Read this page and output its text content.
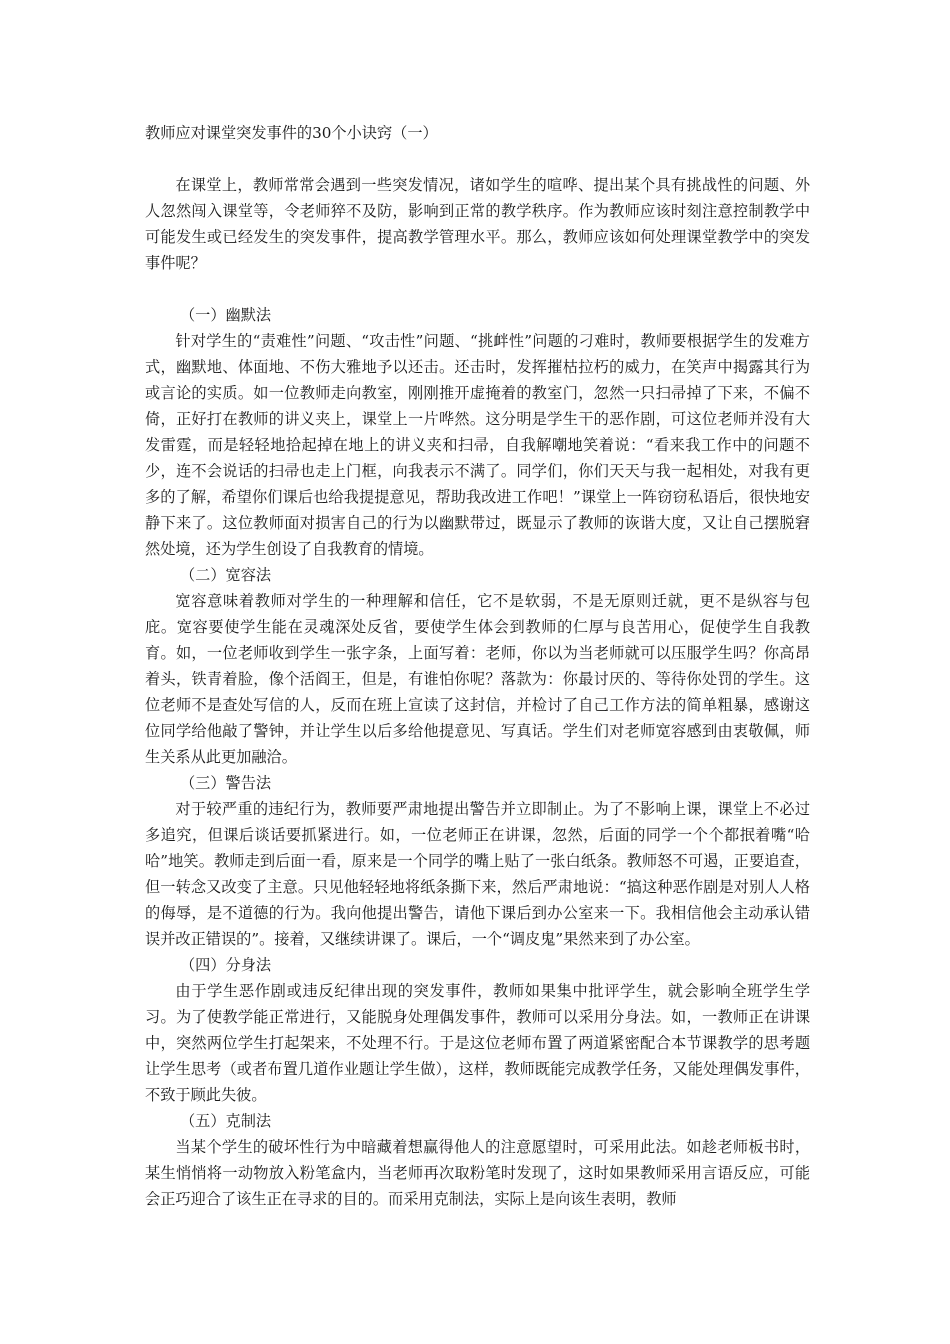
教师应对课堂突发事件的30个小诀窍（一）

在课堂上，教师常常会遇到一些突发情况，诸如学生的喧哗、提出某个具有挑战性的问题、外人忽然闯入课堂等，令老师猝不及防，影响到正常的教学秩序。作为教师应该时刻注意控制教学中可能发生或已经发生的突发事件，提高教学管理水平。那么，教师应该如何处理课堂教学中的突发事件呢？

（一）幽默法

针对学生的“责难性”问题、“攻击性”问题、“挑衅性”问题的刁难时，教师要根据学生的发难方式，幽默地、体面地、不伤大雅地予以还击。还击时，发挥摧枯拉朽的威力，在笑声中揭露其行为或言论的实质。如一位教师走向教室，刚刚推开虚掩着的教室门，忽然一只扫帚掉了下来，不偏不倚，正好打在教师的讲义夹上，课堂上一片哗然。这分明是学生干的恶作剧，可这位老师并没有大发雷霆，而是轻轻地拾起掉在地上的讲义夹和扫帚，自我解嘲地笑着说：“看来我工作中的问题不少，连不会说话的扫帚也走上门框，向我表示不满了。同学们，你们天天与我一起相处，对我有更多的了解，希望你们课后也给我提提意见，帮助我改进工作吧！”课堂上一阵窃窃私语后，很快地安静下来了。这位教师面对损害自己的行为以幽默带过，既显示了教师的诙谐大度，又让自己摆脱窘然处境，还为学生创设了自我教育的情境。

（二）宽容法

宽容意味着教师对学生的一种理解和信任，它不是软弱，不是无原则迁就，更不是纵容与包庇。宽容要使学生能在灵魂深处反省，要使学生体会到教师的仁厚与良苦用心，促使学生自我教育。如，一位老师收到学生一张字条，上面写着：老师，你以为当老师就可以压服学生吗？你高昂着头，铁青着脸，像个活阎王，但是，有谁怕你呢？落款为：你最讨厌的、等待你处罚的学生。这位老师不是查处写信的人，反而在班上宣读了这封信，并检讨了自己工作方法的简单粗暴，感谢这位同学给他敲了警钟，并让学生以后多给他提意见、写真话。学生们对老师宽容感到由衷敬佩，师生关系从此更加融洽。

（三）警告法

对于较严重的违纪行为，教师要严肃地提出警告并立即制止。为了不影响上课，课堂上不必过多追究，但课后谈话要抓紧进行。如，一位老师正在讲课，忽然，后面的同学一个个都抿着嘴“哈哈”地笑。教师走到后面一看，原来是一个同学的嘴上贴了一张白纸条。教师怒不可遏，正要追查，但一转念又改变了主意。只见他轻轻地将纸条撕下来，然后严肃地说：“搞这种恶作剧是对别人人格的侮辱，是不道德的行为。我向他提出警告，请他下课后到办公室来一下。我相信他会主动承认错误并改正错误的”。接着，又继续讲课了。课后，一个“调皮鬼”果然来到了办公室。

（四）分身法

由于学生恶作剧或违反纪律出现的突发事件，教师如果集中批评学生，就会影响全班学生学习。为了使教学能正常进行，又能脱身处理偶发事件，教师可以采用分身法。如，一教师正在讲课中，突然两位学生打起架来，不处理不行。于是这位老师布置了两道紧密配合本节课教学的思考题让学生思考（或者布置几道作业题让学生做），这样，教师既能完成教学任务，又能处理偶发事件，不致于顾此失彼。

（五）克制法

当某个学生的破坏性行为中暗藏着想赢得他人的注意愿望时，可采用此法。如趁老师板书时，某生悄悄将一动物放入粉笔盒内，当老师再次取粉笔时发现了，这时如果教师采用言语反应，可能会正巧迎合了该生正在寻求的目的。而采用克制法，实际上是向该生表明，教师
